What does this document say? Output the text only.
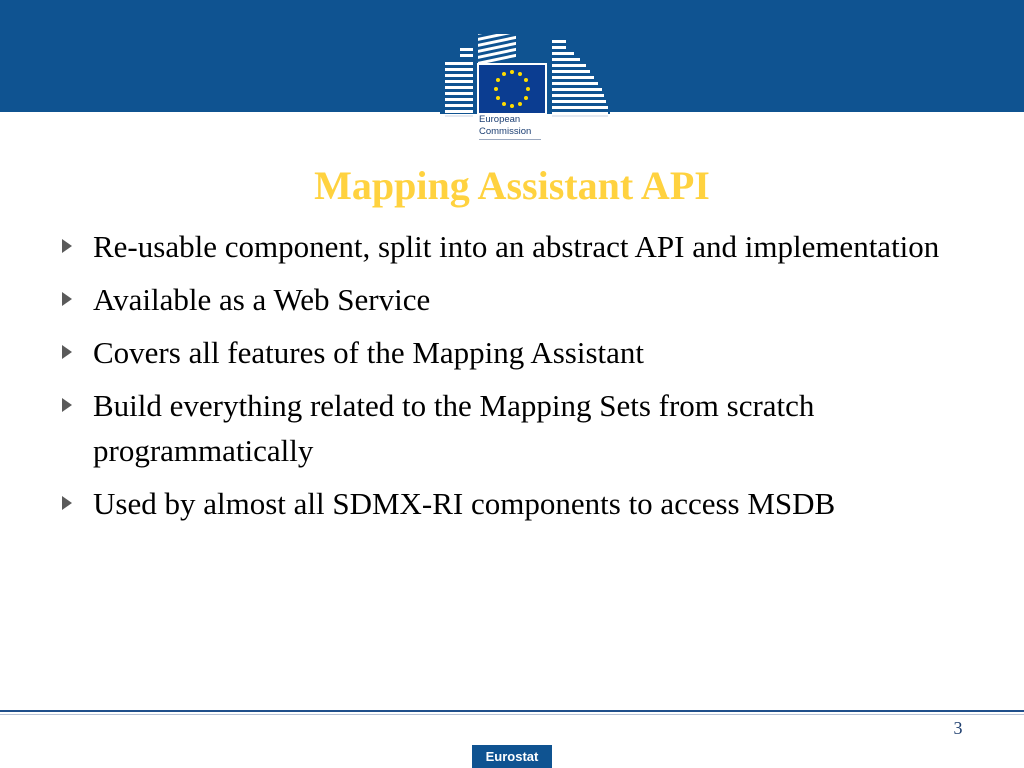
European
Commission
Mapping Assistant API
Re-usable component, split into an abstract API and implementation
Available as a Web Service
Covers all features of the Mapping Assistant
Build everything related to the Mapping Sets from scratch programmatically
Used by almost all SDMX-RI components to access MSDB
3
Eurostat
